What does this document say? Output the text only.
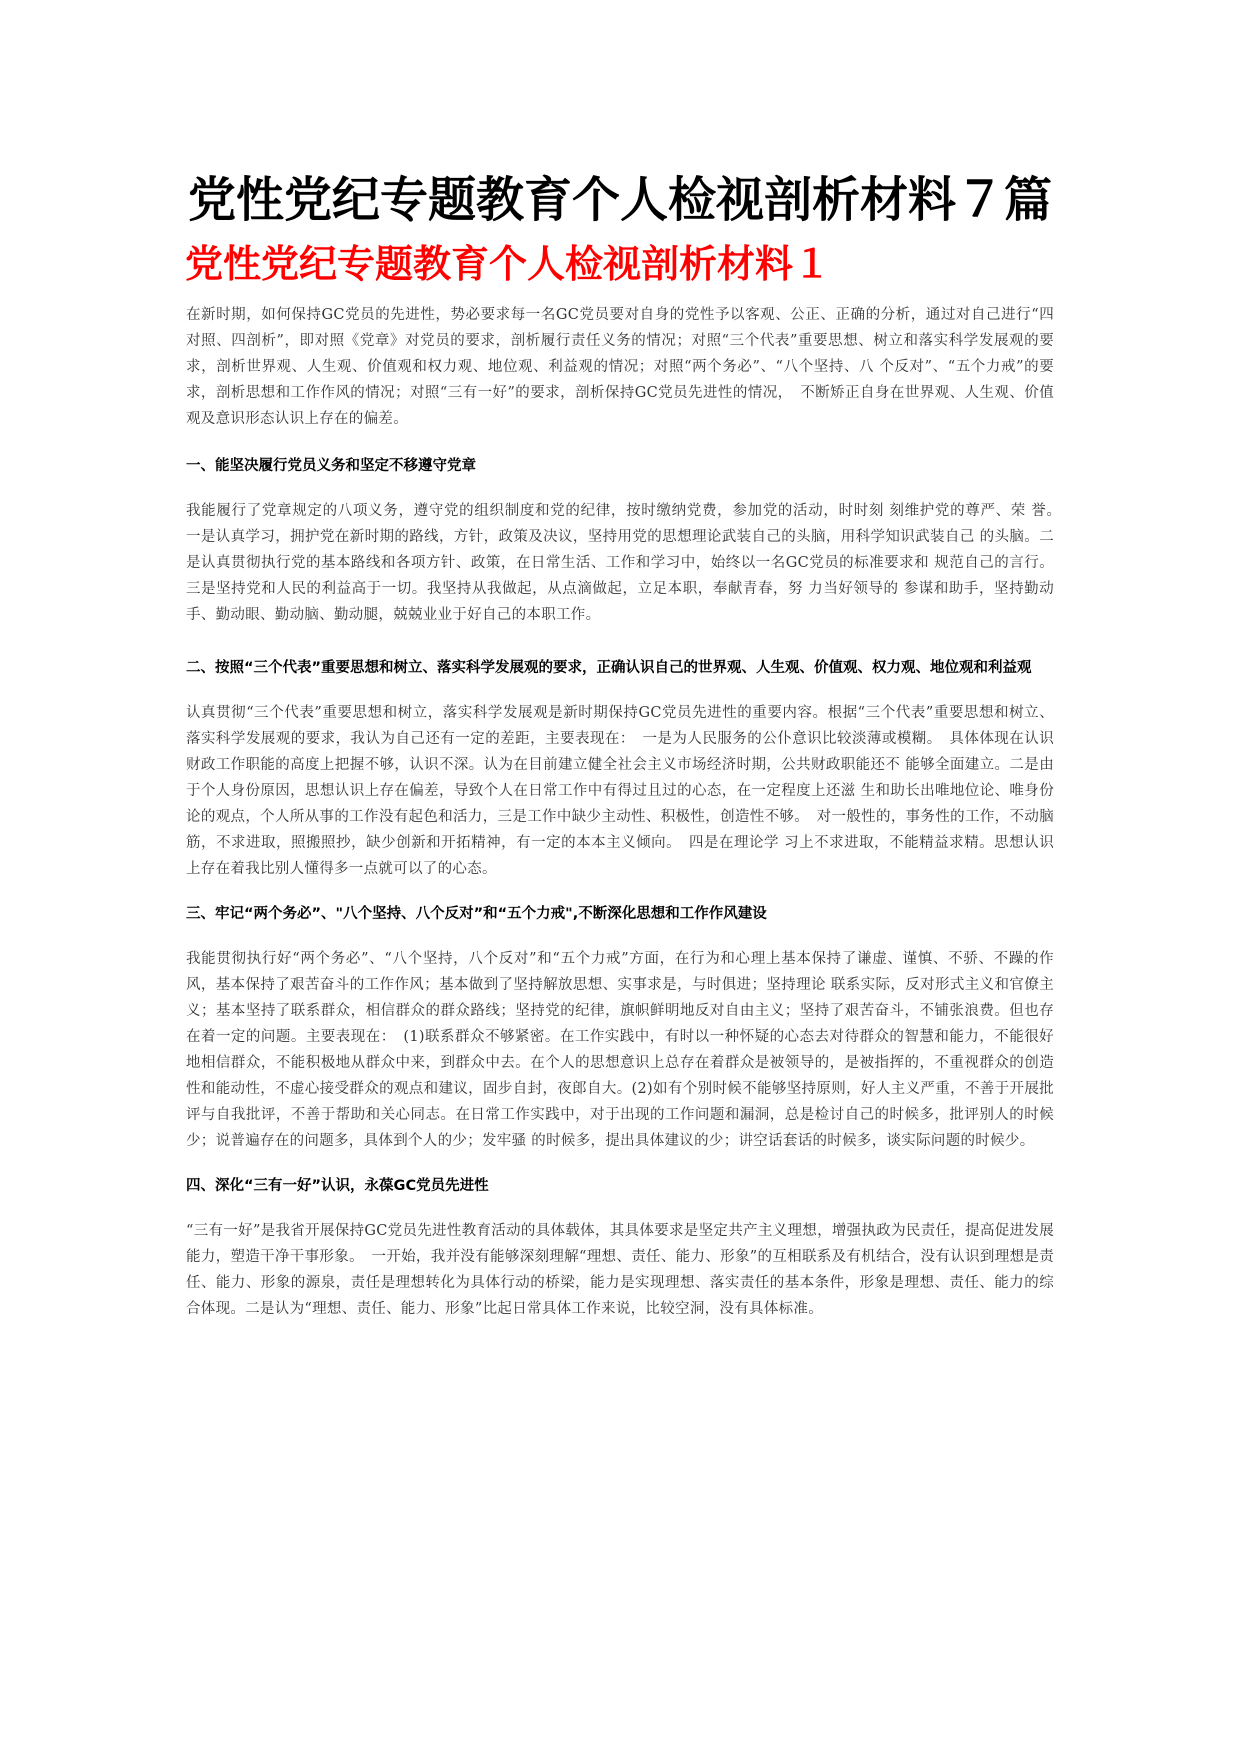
党性党纪专题教育个人检视剖析材料７篇
党性党纪专题教育个人检视剖析材料１

在新时期，如何保持GC党员的先进性，势必要求每一名GC党员要对自身的党性予以客观、公正、正确的分析，通过对自己进行“四对照、四剖析”，即对照《党章》对党员的要求，剖析履行责任义务的情况；对照“三个代表”重要思想、树立和落实科学发展观的要求，剖析世界观、人生观、价值观和权力观、地位观、利益观的情况；对照“两个务必”、“八个坚持、八 个反对”、“五个力戒”的要求，剖析思想和工作作风的情况；对照“三有一好”的要求，剖析保持GC党员先进性的情况，　不断矫正自身在世界观、人生观、价值观及意识形态认识上存在的偏差。

一、能坚决履行党员义务和坚定不移遵守党章

我能履行了党章规定的八项义务，遵守党的组织制度和党的纪律，按时缴纳党费，参加党的活动，时时刻 刻维护党的尊严、荣 誉。　一是认真学习，拥护党在新时期的路线，方针，政策及决议，坚持用党的思想理论武装自己的头脑，用科学知识武装自己 的头脑。二是认真贯彻执行党的基本路线和各项方针、政策，在日常生活、工作和学习中，始终以一名GC党员的标准要求和 规范自己的言行。三是坚持党和人民的利益高于一切。我坚持从我做起，从点滴做起，立足本职，奉献青春，努 力当好领导的 参谋和助手，坚持勤动手、勤动眼、勤动脑、勤动腿，兢兢业业于好自己的本职工作。

二、按照“三个代表”重要思想和树立、落实科学发展观的要求，正确认识自己的世界观、人生观、价值观、权力观、地位观和利益观

认真贯彻“三个代表”重要思想和树立，落实科学发展观是新时期保持GC党员先进性的重要内容。根据“三个代表”重要思想和树立、落实科学发展观的要求，我认为自己还有一定的差距，主要表现在：　一是为人民服务的公仆意识比较淡薄或模糊。　具体体现在认识财政工作职能的高度上把握不够，认识不深。认为在目前建立健全社会主义市场经济时期，公共财政职能还不 能够全面建立。二是由于个人身份原因，思想认识上存在偏差，导致个人在日常工作中有得过且过的心态，在一定程度上还滋 生和助长出唯地位论、唯身份论的观点，个人所从事的工作没有起色和活力，三是工作中缺少主动性、积极性，创造性不够。　对一般性的，事务性的工作，不动脑筋，不求进取，照搬照抄，缺少创新和开拓精神，有一定的本本主义倾向。　四是在理论学 习上不求进取，不能精益求精。思想认识上存在着我比别人懂得多一点就可以了的心态。

三、牢记“两个务必”、"八个坚持、八个反对”和“五个力戒",不断深化思想和工作作风建设

我能贯彻执行好“两个务必”、“八个坚持，八个反对”和“五个力戒”方面，在行为和心理上基本保持了谦虚、谨慎、不骄、不躁的作风，基本保持了艰苦奋斗的工作作风；基本做到了坚持解放思想、实事求是，与时俱进；坚持理论 联系实际，反对形式主义和官僚主义；基本坚持了联系群众，相信群众的群众路线；坚持党的纪律，旗帜鲜明地反对自由主义；坚持了艰苦奋斗，不铺张浪费。但也存在着一定的问题。主要表现在：　(1)联系群众不够紧密。在工作实践中，有时以一种怀疑的心态去对待群众的智慧和能力，不能很好地相信群众，不能积极地从群众中来，到群众中去。在个人的思想意识上总存在着群众是被领导的，是被指挥的，不重视群众的创造性和能动性，不虚心接受群众的观点和建议，固步自封，夜郎自大。(2)如有个别时候不能够坚持原则，好人主义严重，不善于开展批评与自我批评，不善于帮助和关心同志。在日常工作实践中，对于出现的工作问题和漏洞，总是检讨自己的时候多，批评别人的时候少；说普遍存在的问题多，具体到个人的少；发牢骚 的时候多，提出具体建议的少；讲空话套话的时候多，谈实际问题的时候少。

四、深化“三有一好”认识，永葆GC党员先进性

“三有一好”是我省开展保持GC党员先进性教育活动的具体载体，其具体要求是坚定共产主义理想，增强执政为民责任，提高促进发展能力，塑造干净干事形象。　一开始，我并没有能够深刻理解“理想、责任、能力、形象”的互相联系及有机结合，没有认识到理想是责任、能力、形象的源泉，责任是理想转化为具体行动的桥梁，能力是实现理想、落实责任的基本条件，形象是理想、责任、能力的综合体现。二是认为“理想、责任、能力、形象”比起日常具体工作来说，比较空洞，没有具体标准。
